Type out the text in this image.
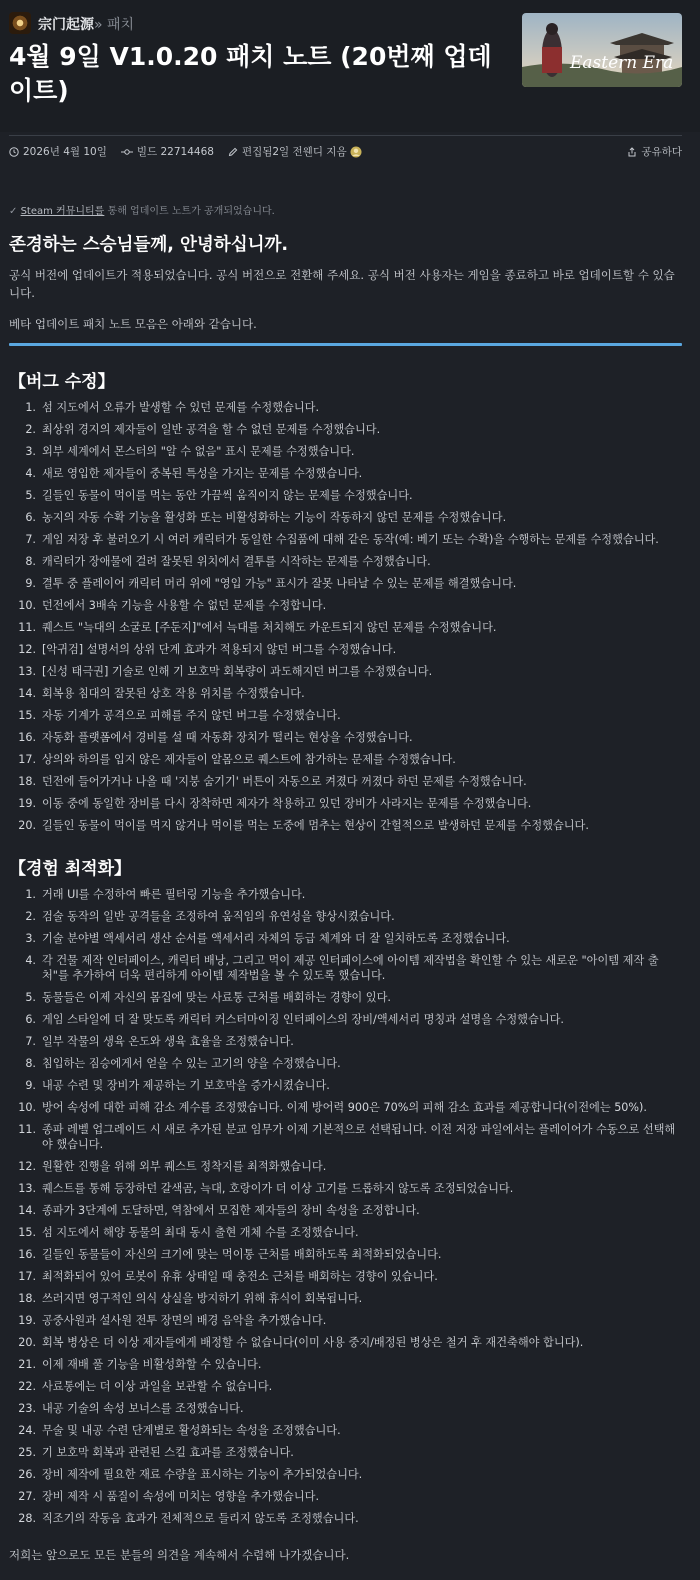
宗门起源» 패치
4월 9일 V1.0.20 패치 노트 (20번째 업데이트)
Eastern Era
2026년 4월 10일	빌드 22714468	편집됨2일 전웬디 지음	공유하다
✓ Steam 커뮤니티를 통해 업데이트 노트가 공개되었습니다.
존경하는 스승님들께, 안녕하십니까.
공식 버전에 업데이트가 적용되었습니다. 공식 버전으로 전환해 주세요. 공식 버전 사용자는 게임을 종료하고 바로 업데이트할 수 있습니다.
베타 업데이트 패치 노트 모음은 아래와 같습니다.
【버그 수정】
1. 섬 지도에서 오류가 발생할 수 있던 문제를 수정했습니다.
2. 최상위 경지의 제자들이 일반 공격을 할 수 없던 문제를 수정했습니다.
3. 외부 세계에서 몬스터의 "알 수 없음" 표시 문제를 수정했습니다.
4. 새로 영입한 제자들이 중복된 특성을 가지는 문제를 수정했습니다.
5. 길들인 동물이 먹이를 먹는 동안 가끔씩 움직이지 않는 문제를 수정했습니다.
6. 농지의 자동 수확 기능을 활성화 또는 비활성화하는 기능이 작동하지 않던 문제를 수정했습니다.
7. 게임 저장 후 불러오기 시 여러 캐릭터가 동일한 수집품에 대해 같은 동작(예: 베기 또는 수확)을 수행하는 문제를 수정했습니다.
8. 캐릭터가 장애물에 걸려 잘못된 위치에서 결투를 시작하는 문제를 수정했습니다.
9. 결투 중 플레이어 캐릭터 머리 위에 "영입 가능" 표시가 잘못 나타날 수 있는 문제를 해결했습니다.
10. 던전에서 3배속 기능을 사용할 수 없던 문제를 수정합니다.
11. 퀘스트 "늑대의 소굴로 [주둔지]"에서 늑대를 처치해도 카운트되지 않던 문제를 수정했습니다.
12. [악귀검] 설명서의 상위 단계 효과가 적용되지 않던 버그를 수정했습니다.
13. [신성 태극권] 기술로 인해 기 보호막 회복량이 과도해지던 버그를 수정했습니다.
14. 회복용 침대의 잘못된 상호 작용 위치를 수정했습니다.
15. 자동 기계가 공격으로 피해를 주지 않던 버그를 수정했습니다.
16. 자동화 플랫폼에서 경비를 설 때 자동화 장치가 떨리는 현상을 수정했습니다.
17. 상의와 하의를 입지 않은 제자들이 알몸으로 퀘스트에 참가하는 문제를 수정했습니다.
18. 던전에 들어가거나 나올 때 '지붕 숨기기' 버튼이 자동으로 켜졌다 꺼졌다 하던 문제를 수정했습니다.
19. 이동 중에 동일한 장비를 다시 장착하면 제자가 착용하고 있던 장비가 사라지는 문제를 수정했습니다.
20. 길들인 동물이 먹이를 먹지 않거나 먹이를 먹는 도중에 멈추는 현상이 간헐적으로 발생하던 문제를 수정했습니다.
【경험 최적화】
1. 거래 UI를 수정하여 빠른 필터링 기능을 추가했습니다.
2. 검술 동작의 일반 공격들을 조정하여 움직임의 유연성을 향상시켰습니다.
3. 기술 분야별 액세서리 생산 순서를 액세서리 자체의 등급 체계와 더 잘 일치하도록 조정했습니다.
4. 각 건물 제작 인터페이스, 캐릭터 배낭, 그리고 먹이 제공 인터페이스에 아이템 제작법을 확인할 수 있는 새로운 "아이템 제작 출처"를 추가하여 더욱 편리하게 아이템 제작법을 볼 수 있도록 했습니다.
5. 동물들은 이제 자신의 몸집에 맞는 사료통 근처를 배회하는 경향이 있다.
6. 게임 스타일에 더 잘 맞도록 캐릭터 커스터마이징 인터페이스의 장비/액세서리 명칭과 설명을 수정했습니다.
7. 일부 작물의 생육 온도와 생육 효율을 조정했습니다.
8. 침입하는 짐승에게서 얻을 수 있는 고기의 양을 수정했습니다.
9. 내공 수련 및 장비가 제공하는 기 보호막을 증가시켰습니다.
10. 방어 속성에 대한 피해 감소 계수를 조정했습니다. 이제 방어력 900은 70%의 피해 감소 효과를 제공합니다(이전에는 50%).
11. 종파 레벨 업그레이드 시 새로 추가된 분교 임무가 이제 기본적으로 선택됩니다. 이전 저장 파일에서는 플레이어가 수동으로 선택해야 했습니다.
12. 원활한 진행을 위해 외부 퀘스트 정착지를 최적화했습니다.
13. 퀘스트를 통해 등장하던 갈색곰, 늑대, 호랑이가 더 이상 고기를 드롭하지 않도록 조정되었습니다.
14. 종파가 3단계에 도달하면, 역참에서 모집한 제자들의 장비 속성을 조정합니다.
15. 섬 지도에서 해양 동물의 최대 동시 출현 개체 수를 조정했습니다.
16. 길들인 동물들이 자신의 크기에 맞는 먹이통 근처를 배회하도록 최적화되었습니다.
17. 최적화되어 있어 로봇이 유휴 상태일 때 충전소 근처를 배회하는 경향이 있습니다.
18. 쓰러지면 영구적인 의식 상실을 방지하기 위해 휴식이 회복됩니다.
19. 공중사원과 설사원 전투 장면의 배경 음악을 추가했습니다.
20. 회복 병상은 더 이상 제자들에게 배정할 수 없습니다(이미 사용 중지/배정된 병상은 철거 후 재건축해야 합니다).
21. 이제 재배 풀 기능을 비활성화할 수 있습니다.
22. 사료통에는 더 이상 과일을 보관할 수 없습니다.
23. 내공 기술의 속성 보너스를 조정했습니다.
24. 무술 및 내공 수련 단계별로 활성화되는 속성을 조정했습니다.
25. 기 보호막 회복과 관련된 스킬 효과를 조정했습니다.
26. 장비 제작에 필요한 재료 수량을 표시하는 기능이 추가되었습니다.
27. 장비 제작 시 품질이 속성에 미치는 영향을 추가했습니다.
28. 직조기의 작동음 효과가 전체적으로 들리지 않도록 조정했습니다.
저희는 앞으로도 모든 분들의 의견을 계속해서 수렴해 나가겠습니다.
